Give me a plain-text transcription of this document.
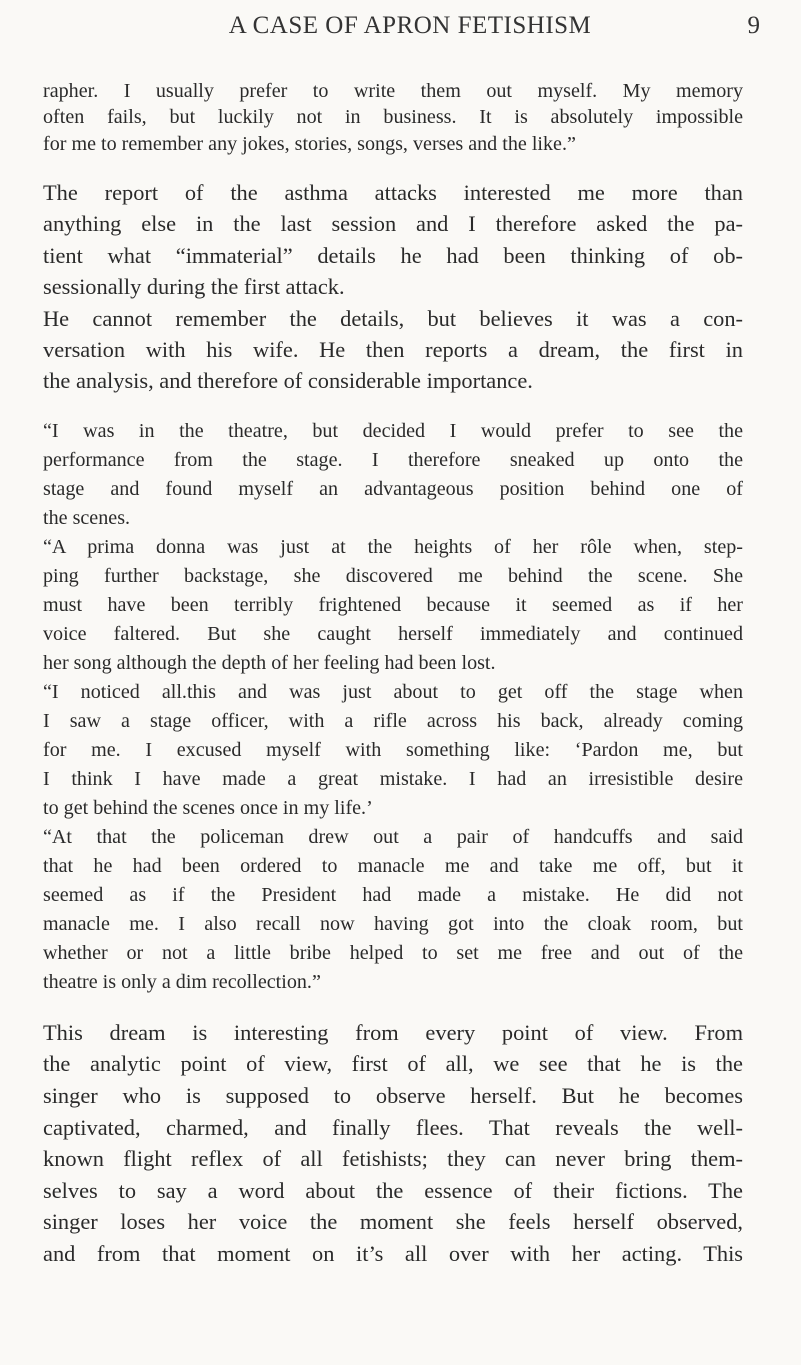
A CASE OF APRON FETISHISM	9
rapher. I usually prefer to write them out myself. My memory
often fails, but luckily not in business. It is absolutely impossible
for me to remember any jokes, stories, songs, verses and the like.”
The report of the asthma attacks interested me more than
anything else in the last session and I therefore asked the pa-
tient what “immaterial” details he had been thinking of ob-
sessionally during the first attack.
He cannot remember the details, but believes it was a con-
versation with his wife. He then reports a dream, the first in
the analysis, and therefore of considerable importance.
“I was in the theatre, but decided I would prefer to see the
performance from the stage. I therefore sneaked up onto the
stage and found myself an advantageous position behind one of
the scenes.
“A prima donna was just at the heights of her rôle when, step-
ping further backstage, she discovered me behind the scene. She
must have been terribly frightened because it seemed as if her
voice faltered. But she caught herself immediately and continued
her song although the depth of her feeling had been lost.
“I noticed all.this and was just about to get off the stage when
I saw a stage officer, with a rifle across his back, already coming
for me. I excused myself with something like: ‘Pardon me, but
I think I have made a great mistake. I had an irresistible desire
to get behind the scenes once in my life.’
“At that the policeman drew out a pair of handcuffs and said
that he had been ordered to manacle me and take me off, but it
seemed as if the President had made a mistake. He did not
manacle me. I also recall now having got into the cloak room, but
whether or not a little bribe helped to set me free and out of the
theatre is only a dim recollection.”
This dream is interesting from every point of view. From
the analytic point of view, first of all, we see that he is the
singer who is supposed to observe herself. But he becomes
captivated, charmed, and finally flees. That reveals the well-
known flight reflex of all fetishists; they can never bring them-
selves to say a word about the essence of their fictions. The
singer loses her voice the moment she feels herself observed,
and from that moment on it’s all over with her acting. This
